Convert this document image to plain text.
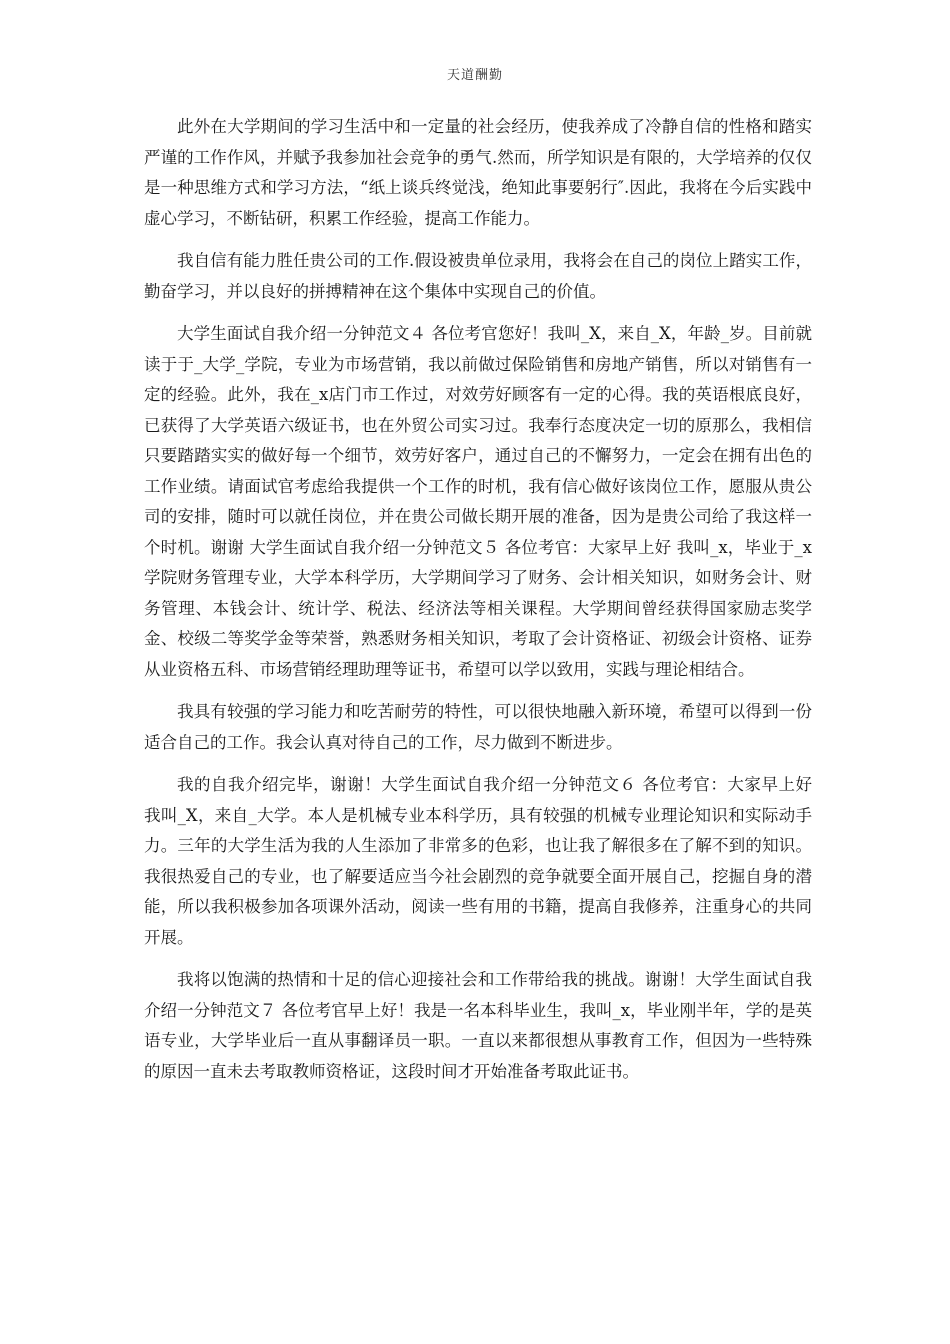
天道酬勤

此外在大学期间的学习生活中和一定量的社会经历，使我养成了冷静自信的性格和踏实严谨的工作作风，并赋予我参加社会竞争的勇气.然而，所学知识是有限的，大学培养的仅仅是一种思维方式和学习方法，“纸上谈兵终觉浅，绝知此事要躬行″.因此，我将在今后实践中虚心学习，不断钻研，积累工作经验，提高工作能力。

我自信有能力胜任贵公司的工作.假设被贵单位录用，我将会在自己的岗位上踏实工作，勤奋学习，并以良好的拼搏精神在这个集体中实现自己的价值。

大学生面试自我介绍一分钟范文４ 各位考官您好！我叫_X，来自_X，年龄_岁。目前就读于于_大学_学院，专业为市场营销，我以前做过保险销售和房地产销售，所以对销售有一定的经验。此外，我在_x店门市工作过，对效劳好顾客有一定的心得。我的英语根底良好，已获得了大学英语六级证书，也在外贸公司实习过。我奉行态度决定一切的原那么，我相信只要踏踏实实的做好每一个细节，效劳好客户，通过自己的不懈努力，一定会在拥有出色的工作业绩。请面试官考虑给我提供一个工作的时机，我有信心做好该岗位工作，愿服从贵公司的安排，随时可以就任岗位，并在贵公司做长期开展的准备，因为是贵公司给了我这样一个时机。谢谢 大学生面试自我介绍一分钟范文５ 各位考官：大家早上好 我叫_x，毕业于_x学院财务管理专业，大学本科学历，大学期间学习了财务、会计相关知识，如财务会计、财务管理、本钱会计、统计学、税法、经济法等相关课程。大学期间曾经获得国家励志奖学金、校级二等奖学金等荣誉，熟悉财务相关知识，考取了会计资格证、初级会计资格、证券从业资格五科、市场营销经理助理等证书，希望可以学以致用，实践与理论相结合。

我具有较强的学习能力和吃苦耐劳的特性，可以很快地融入新环境，希望可以得到一份适合自己的工作。我会认真对待自己的工作，尽力做到不断进步。

我的自我介绍完毕，谢谢！大学生面试自我介绍一分钟范文６ 各位考官：大家早上好 我叫_X，来自_大学。本人是机械专业本科学历，具有较强的机械专业理论知识和实际动手力。三年的大学生活为我的人生添加了非常多的色彩，也让我了解很多在了解不到的知识。我很热爱自己的专业，也了解要适应当今社会剧烈的竞争就要全面开展自己，挖掘自身的潜能，所以我积极参加各项课外活动，阅读一些有用的书籍，提高自我修养，注重身心的共同开展。

我将以饱满的热情和十足的信心迎接社会和工作带给我的挑战。谢谢！大学生面试自我介绍一分钟范文７ 各位考官早上好！我是一名本科毕业生，我叫_x，毕业刚半年，学的是英语专业，大学毕业后一直从事翻译员一职。一直以来都很想从事教育工作，但因为一些特殊的原因一直未去考取教师资格证，这段时间才开始准备考取此证书。
